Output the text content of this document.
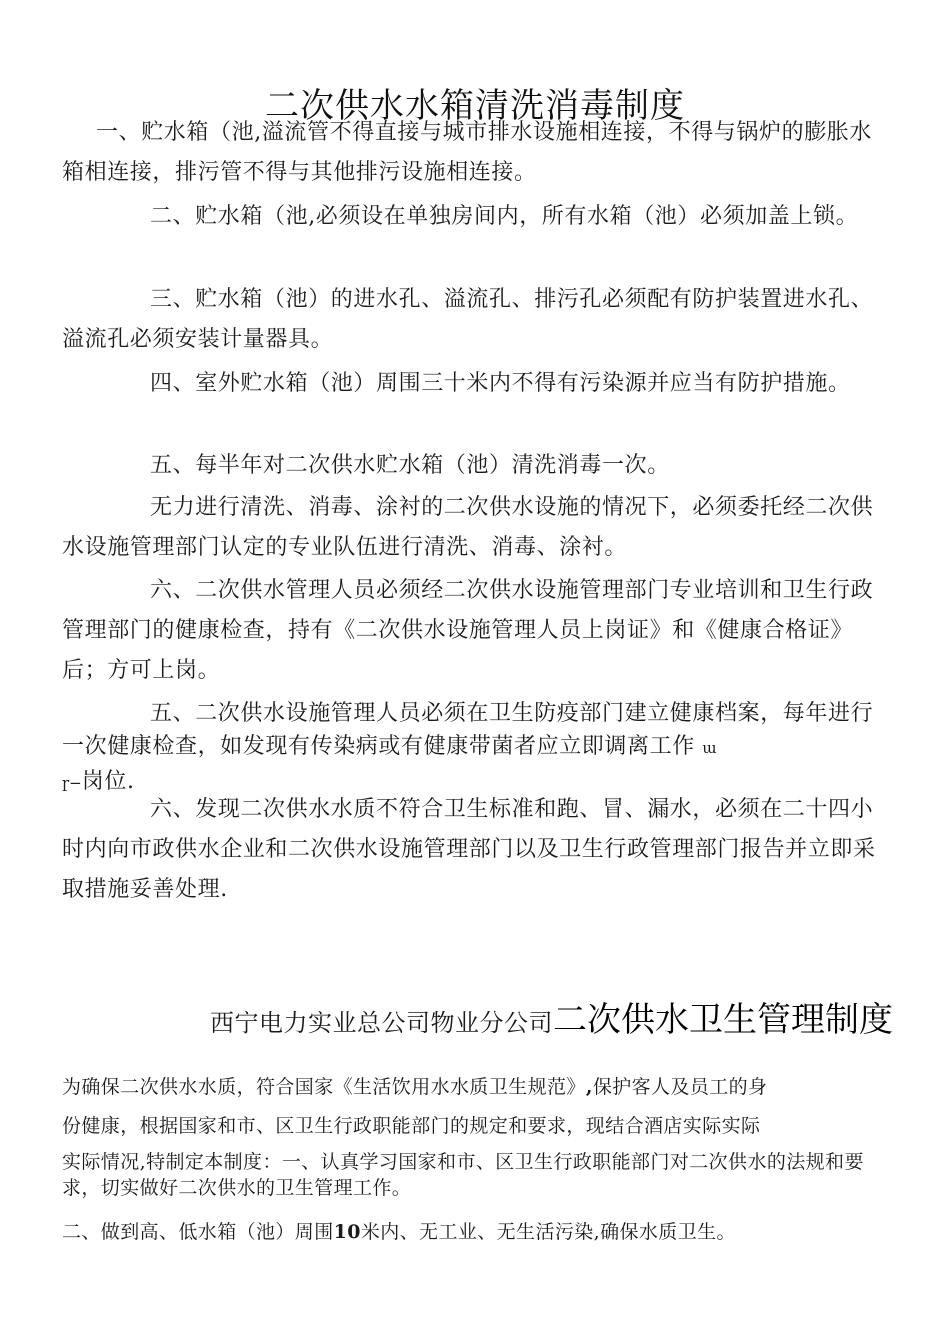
二次供水水箱清洗消毒制度
一、贮水箱（池,溢流管不得直接与城市排水设施相连接，不得与锅炉的膨胀水箱相连接，排污管不得与其他排污设施相连接。
二、贮水箱（池,必须设在单独房间内，所有水箱（池）必须加盖上锁。
三、贮水箱（池）的进水孔、溢流孔、排污孔必须配有防护装置进水孔、溢流孔必须安装计量器具。
四、室外贮水箱（池）周围三十米内不得有污染源并应当有防护措施。
五、每半年对二次供水贮水箱（池）清洗消毒一次。
无力进行清洗、消毒、涂衬的二次供水设施的情况下，必须委托经二次供水设施管理部门认定的专业队伍进行清洗、消毒、涂衬。
六、二次供水管理人员必须经二次供水设施管理部门专业培训和卫生行政管理部门的健康检查，持有《二次供水设施管理人员上岗证》和《健康合格证》后；方可上岗。
五、二次供水设施管理人员必须在卫生防疫部门建立健康档案，每年进行一次健康检查，如发现有传染病或有健康带菌者应立即调离工作 ɯ
ɼ−岗位.
六、发现二次供水水质不符合卫生标准和跑、冒、漏水，必须在二十四小时内向市政供水企业和二次供水设施管理部门以及卫生行政管理部门报告并立即采取措施妥善处理.
西宁电力实业总公司物业分公司二次供水卫生管理制度
为确保二次供水水质，符合国家《生活饮用水水质卫生规范》,保护客人及员工的身
份健康，根据国家和市、区卫生行政职能部门的规定和要求，现结合酒店实际实际
实际情况,特制定本制度：一、认真学习国家和市、区卫生行政职能部门对二次供水的法规和要求，切实做好二次供水的卫生管理工作。
二、做到高、低水箱（池）周围10米内、无工业、无生活污染,确保水质卫生。
